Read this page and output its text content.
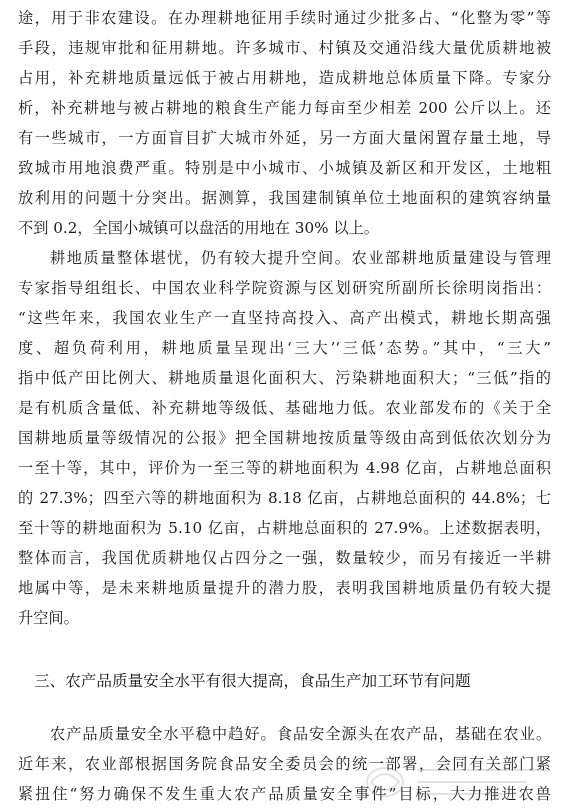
途，用于非农建设。在办理耕地征用手续时通过少批多占、“化整为零”等
手段，违规审批和征用耕地。许多城市、村镇及交通沿线大量优质耕地被
占用，补充耕地质量远低于被占用耕地，造成耕地总体质量下降。专家分
析，补充耕地与被占耕地的粮食生产能力每亩至少相差 200 公斤以上。还
有一些城市，一方面盲目扩大城市外延，另一方面大量闲置存量土地，导
致城市用地浪费严重。特别是中小城市、小城镇及新区和开发区，土地粗
放利用的问题十分突出。据测算，我国建制镇单位土地面积的建筑容纳量
不到 0.2，全国小城镇可以盘活的用地在 30% 以上。
耕地质量整体堪忧，仍有较大提升空间。农业部耕地质量建设与管理
专家指导组组长、中国农业科学院资源与区划研究所副所长徐明岗指出：
“这些年来，我国农业生产一直坚持高投入、高产出模式，耕地长期高强
度、超负荷利用，耕地质量呈现出‘三大’‘三低’态势。”其中，“三大”
指中低产田比例大、耕地质量退化面积大、污染耕地面积大；“三低”指的
是有机质含量低、补充耕地等级低、基础地力低。农业部发布的《关于全
国耕地质量等级情况的公报》把全国耕地按质量等级由高到低依次划分为
一至十等，其中，评价为一至三等的耕地面积为 4.98 亿亩，占耕地总面积
的 27.3%；四至六等的耕地面积为 8.18 亿亩，占耕地总面积的 44.8%；七
至十等的耕地面积为 5.10 亿亩，占耕地总面积的 27.9%。上述数据表明，
整体而言，我国优质耕地仅占四分之一强，数量较少，而另有接近一半耕
地属中等，是未来耕地质量提升的潜力股，表明我国耕地质量仍有较大提
升空间。
三、农产品质量安全水平有很大提高，食品生产加工环节有问题
农产品质量安全水平稳中趋好。食品安全源头在农产品，基础在农业。
近年来，农业部根据国务院食品安全委员会的统一部署，会同有关部门紧
紧扭住“努力确保不发生重大农产品质量安全事件”目标，大力推进农兽
